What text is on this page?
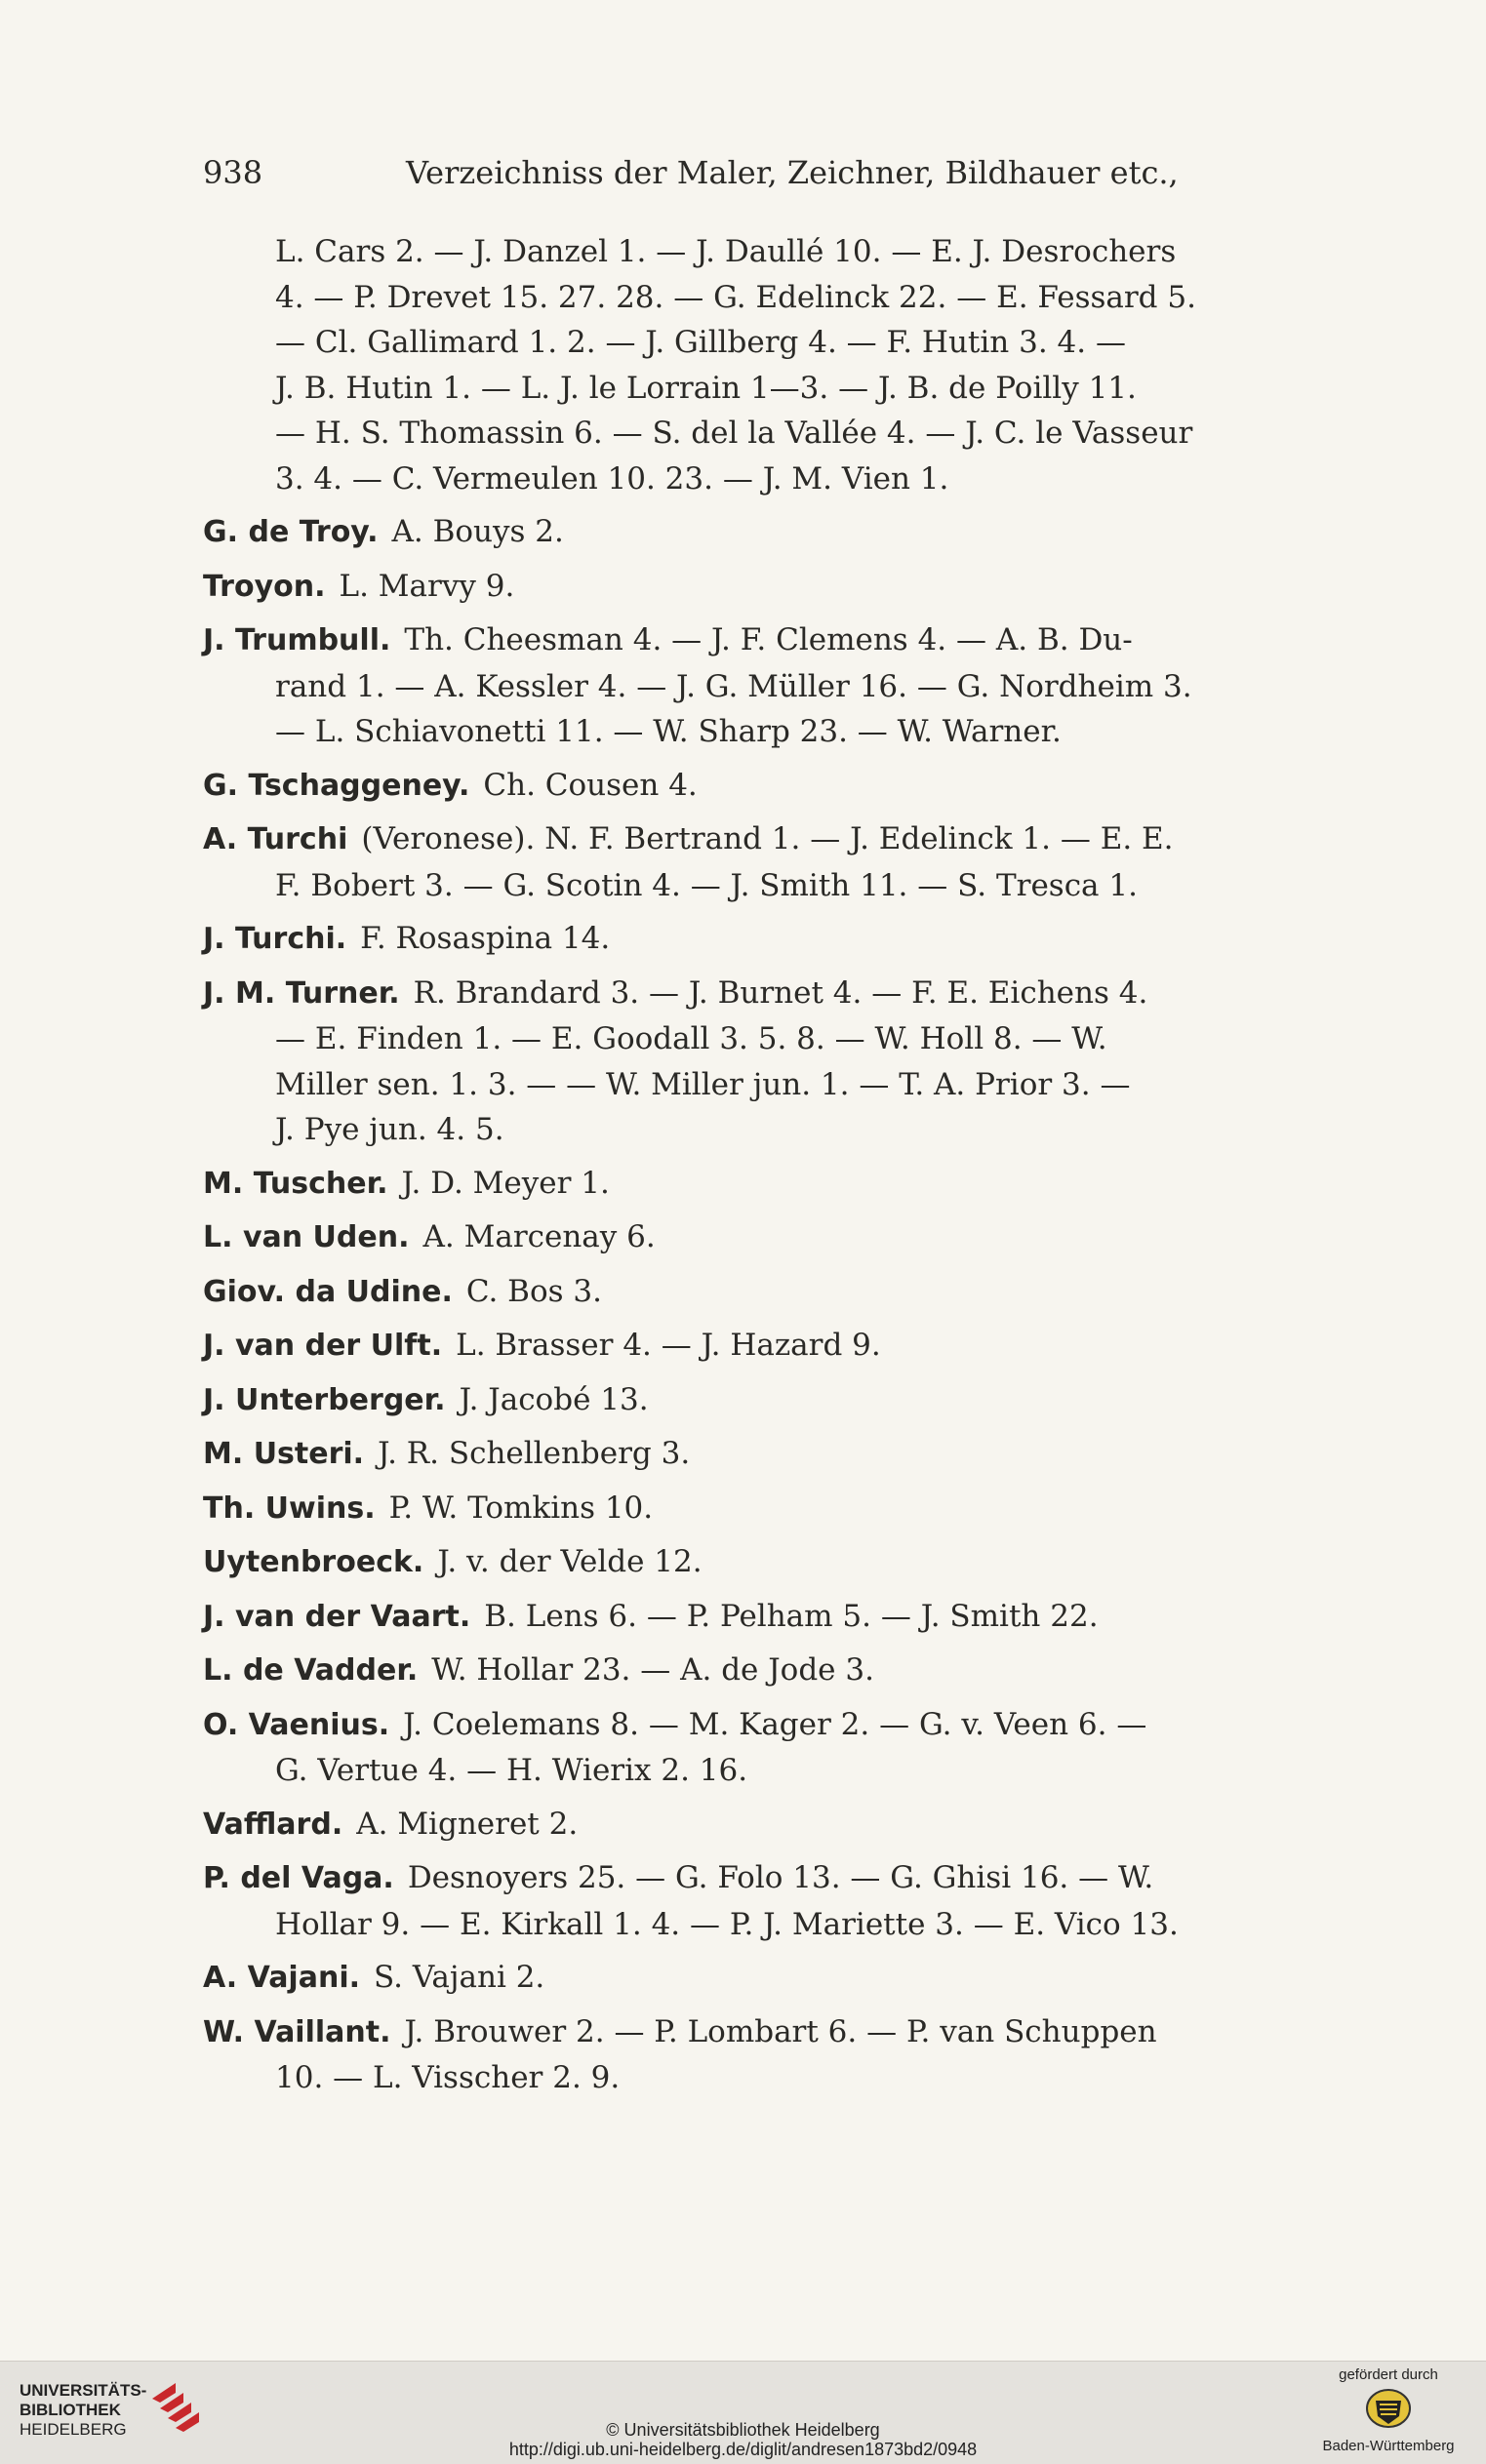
938	Verzeichniss der Maler, Zeichner, Bildhauer etc.,
L. Cars 2. — J. Danzel 1. — J. Daullé 10. — E. J. Desrochers
4. — P. Drevet 15. 27. 28. — G. Edelinck 22. — E. Fessard 5.
— Cl. Gallimard 1. 2. — J. Gillberg 4. — F. Hutin 3. 4. —
J. B. Hutin 1. — L. J. le Lorrain 1—3. — J. B. de Poilly 11.
— H. S. Thomassin 6. — S. del la Vallée 4. — J. C. le Vasseur
3. 4. — C. Vermeulen 10. 23. — J. M. Vien 1.
G. de Troy. A. Bouys 2.
Troyon. L. Marvy 9.
J. Trumbull. Th. Cheesman 4. — J. F. Clemens 4. — A. B. Du-
rand 1. — A. Kessler 4. — J. G. Müller 16. — G. Nordheim 3.
— L. Schiavonetti 11. — W. Sharp 23. — W. Warner.
G. Tschaggeney. Ch. Cousen 4.
A. Turchi (Veronese). N. F. Bertrand 1. — J. Edelinck 1. — E. E.
F. Bobert 3. — G. Scotin 4. — J. Smith 11. — S. Tresca 1.
J. Turchi. F. Rosaspina 14.
J. M. Turner. R. Brandard 3. — J. Burnet 4. — F. E. Eichens 4.
— E. Finden 1. — E. Goodall 3. 5. 8. — W. Holl 8. — W.
Miller sen. 1. 3. — — W. Miller jun. 1. — T. A. Prior 3. —
J. Pye jun. 4. 5.
M. Tuscher. J. D. Meyer 1.
L. van Uden. A. Marcenay 6.
Giov. da Udine. C. Bos 3.
J. van der Ulft. L. Brasser 4. — J. Hazard 9.
J. Unterberger. J. Jacobé 13.
M. Usteri. J. R. Schellenberg 3.
Th. Uwins. P. W. Tomkins 10.
Uytenbroeck. J. v. der Velde 12.
J. van der Vaart. B. Lens 6. — P. Pelham 5. — J. Smith 22.
L. de Vadder. W. Hollar 23. — A. de Jode 3.
O. Vaenius. J. Coelemans 8. — M. Kager 2. — G. v. Veen 6. —
G. Vertue 4. — H. Wierix 2. 16.
Vafflard. A. Migneret 2.
P. del Vaga. Desnoyers 25. — G. Folo 13. — G. Ghisi 16. — W.
Hollar 9. — E. Kirkall 1. 4. — P. J. Mariette 3. — E. Vico 13.
A. Vajani. S. Vajani 2.
W. Vaillant. J. Brouwer 2. — P. Lombart 6. — P. van Schuppen
10. — L. Visscher 2. 9.
UNIVERSITÄTS-
BIBLIOTHEK
HEIDELBERG	© Universitätsbibliothek Heidelberg
http://digi.ub.uni-heidelberg.de/diglit/andresen1873bd2/0948
gefördert durch
Baden-Württemberg
